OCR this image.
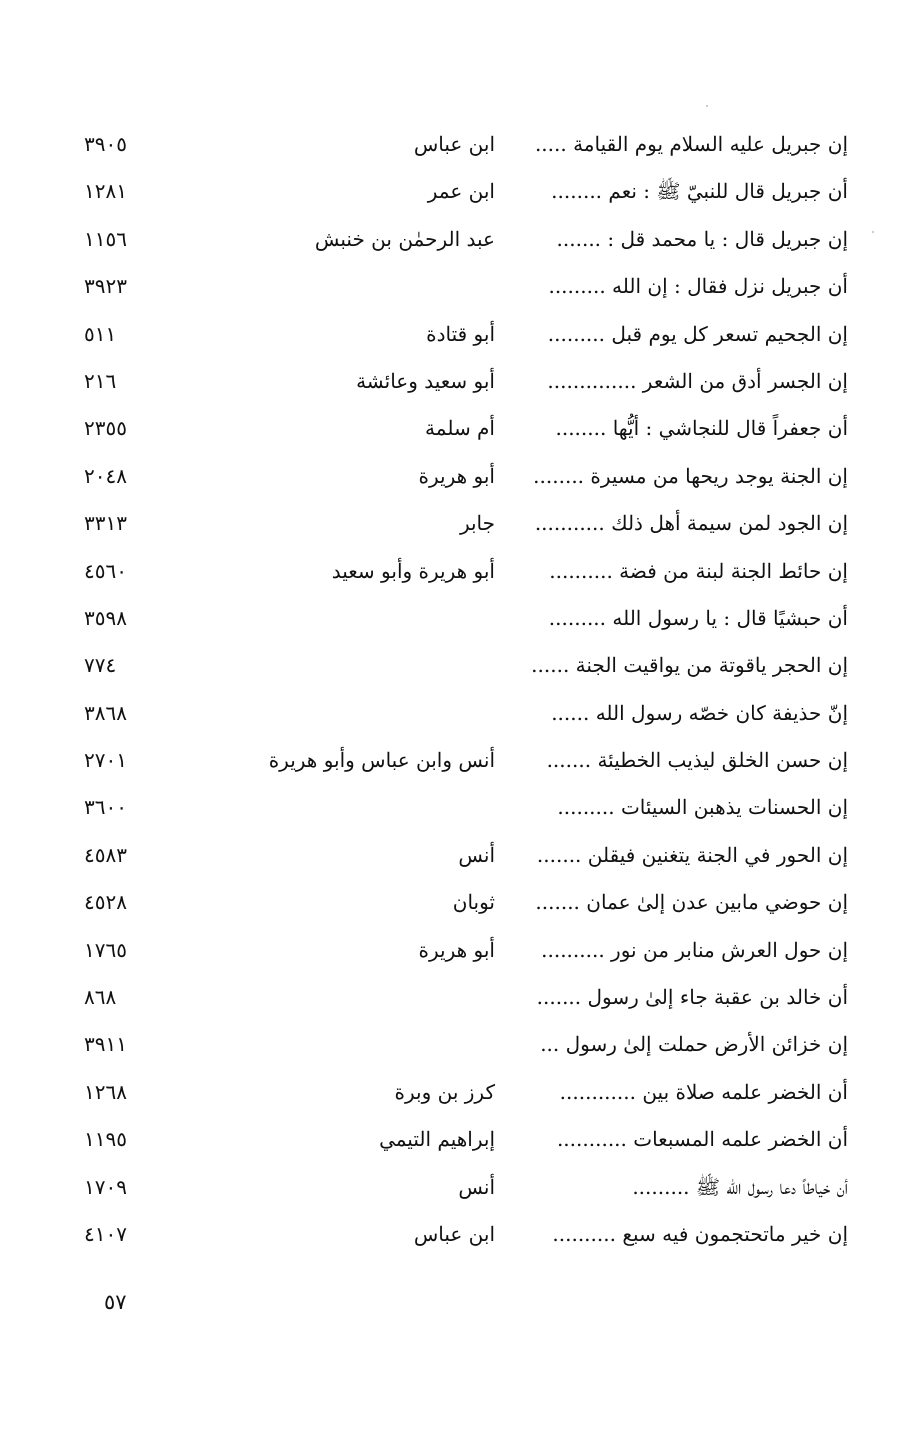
إن جبريل عليه السلام يوم القيامة .....
ابن عباس
٣٩٠٥
أن جبريل قال للنبيّ ﷺ : نعم ........
ابن عمر
١٢٨١
إن جبريل قال : يا محمد قل : .......
عبد الرحمٰن بن خنبش
١١٥٦
أن جبريل نزل فقال : إن الله .........
٣٩٢٣
إن الجحيم تسعر كل يوم قبل .........
أبو قتادة
٥١١
إن الجسر أدق من الشعر ..............
أبو سعيد وعائشة
٢١٦
أن جعفراً قال للنجاشي : أيُّها ........
أم سلمة
٢٣٥٥
إن الجنة يوجد ريحها من مسيرة ........
أبو هريرة
٢٠٤٨
إن الجود لمن سيمة أهل ذلك ...........
جابر
٣٣١٣
إن حائط الجنة لبنة من فضة ..........
أبو هريرة وأبو سعيد
٤٥٦٠
أن حبشيًا قال : يا رسول الله .........
٣٥٩٨
إن الحجر ياقوتة من يواقيت الجنة ......
٧٧٤
إنّ حذيفة كان خصّه رسول الله ......
٣٨٦٨
إن حسن الخلق ليذيب الخطيئة .......
أنس وابن عباس وأبو هريرة
٢٧٠١
إن الحسنات يذهبن السيئات .........
٣٦٠٠
إن الحور في الجنة يتغنين فيقلن .......
أنس
٤٥٨٣
إن حوضي مابين عدن إلىٰ عمان .......
ثوبان
٤٥٢٨
إن حول العرش منابر من نور ..........
أبو هريرة
١٧٦٥
أن خالد بن عقبة جاء إلىٰ رسول .......
٨٦٨
إن خزائن الأرض حملت إلىٰ رسول ...
٣٩١١
أن الخضر علمه صلاة بين ............
كرز بن وبرة
١٢٦٨
أن الخضر علمه المسبعات ...........
إبراهيم التيمي
١١٩٥
أن خياطاً دعا رسول الله ﷺ .........
أنس
١٧٠٩
إن خير ماتحتجمون فيه سبع ..........
ابن عباس
٤١٠٧
٥٧
